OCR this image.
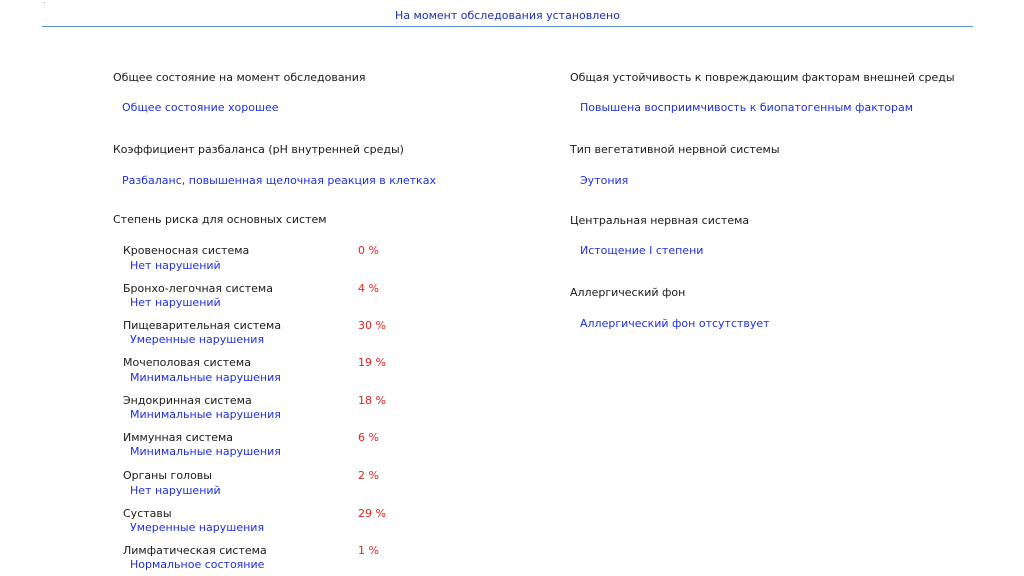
На момент обследования установлено
Общее состояние на момент обследования
Общее состояние хорошее
Коэффициент разбаланса (pH внутренней среды)
Разбаланс, повышенная щелочная реакция в клетках
Степень риска для основных систем
Кровеносная система	0 %
Нет нарушений
Бронхо-легочная система	4 %
Нет нарушений
Пищеварительная система	30 %
Умеренные нарушения
Мочеполовая система	19 %
Минимальные нарушения
Эндокринная система	18 %
Минимальные нарушения
Иммунная система	6 %
Минимальные нарушения
Органы головы	2 %
Нет нарушений
Суставы	29 %
Умеренные нарушения
Лимфатическая система	1 %
Нормальное состояние
Общая устойчивость к повреждающим факторам внешней среды
Повышена восприимчивость к биопатогенным факторам
Тип вегетативной нервной системы
Эутония
Центральная нервная система
Истощение I степени
Аллергический фон
Аллергический фон отсутствует
